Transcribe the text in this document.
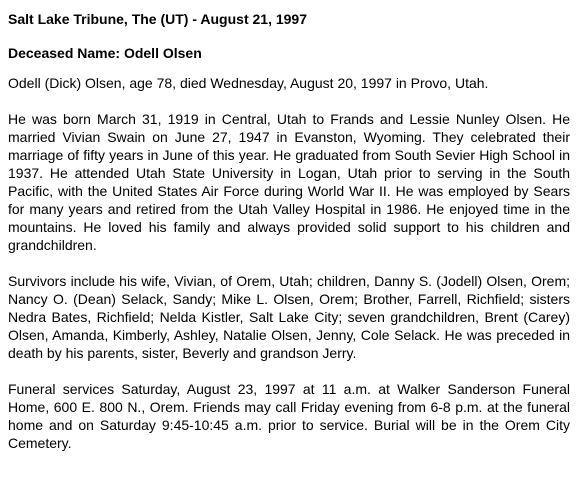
Salt Lake Tribune, The (UT) - August 21, 1997
Deceased Name: Odell Olsen

Odell (Dick) Olsen, age 78, died Wednesday, August 20, 1997 in Provo, Utah.

He was born March 31, 1919 in Central, Utah to Frands and Lessie Nunley Olsen. He married Vivian Swain on June 27, 1947 in Evanston, Wyoming. They celebrated their marriage of fifty years in June of this year. He graduated from South Sevier High School in 1937. He attended Utah State University in Logan, Utah prior to serving in the South Pacific, with the United States Air Force during World War II. He was employed by Sears for many years and retired from the Utah Valley Hospital in 1986. He enjoyed time in the mountains. He loved his family and always provided solid support to his children and grandchildren.

Survivors include his wife, Vivian, of Orem, Utah; children, Danny S. (Jodell) Olsen, Orem; Nancy O. (Dean) Selack, Sandy; Mike L. Olsen, Orem; Brother, Farrell, Richfield; sisters Nedra Bates, Richfield; Nelda Kistler, Salt Lake City; seven grandchildren, Brent (Carey) Olsen, Amanda, Kimberly, Ashley, Natalie Olsen, Jenny, Cole Selack. He was preceded in death by his parents, sister, Beverly and grandson Jerry.

Funeral services Saturday, August 23, 1997 at 11 a.m. at Walker Sanderson Funeral Home, 600 E. 800 N., Orem. Friends may call Friday evening from 6-8 p.m. at the funeral home and on Saturday 9:45-10:45 a.m. prior to service. Burial will be in the Orem City Cemetery.
